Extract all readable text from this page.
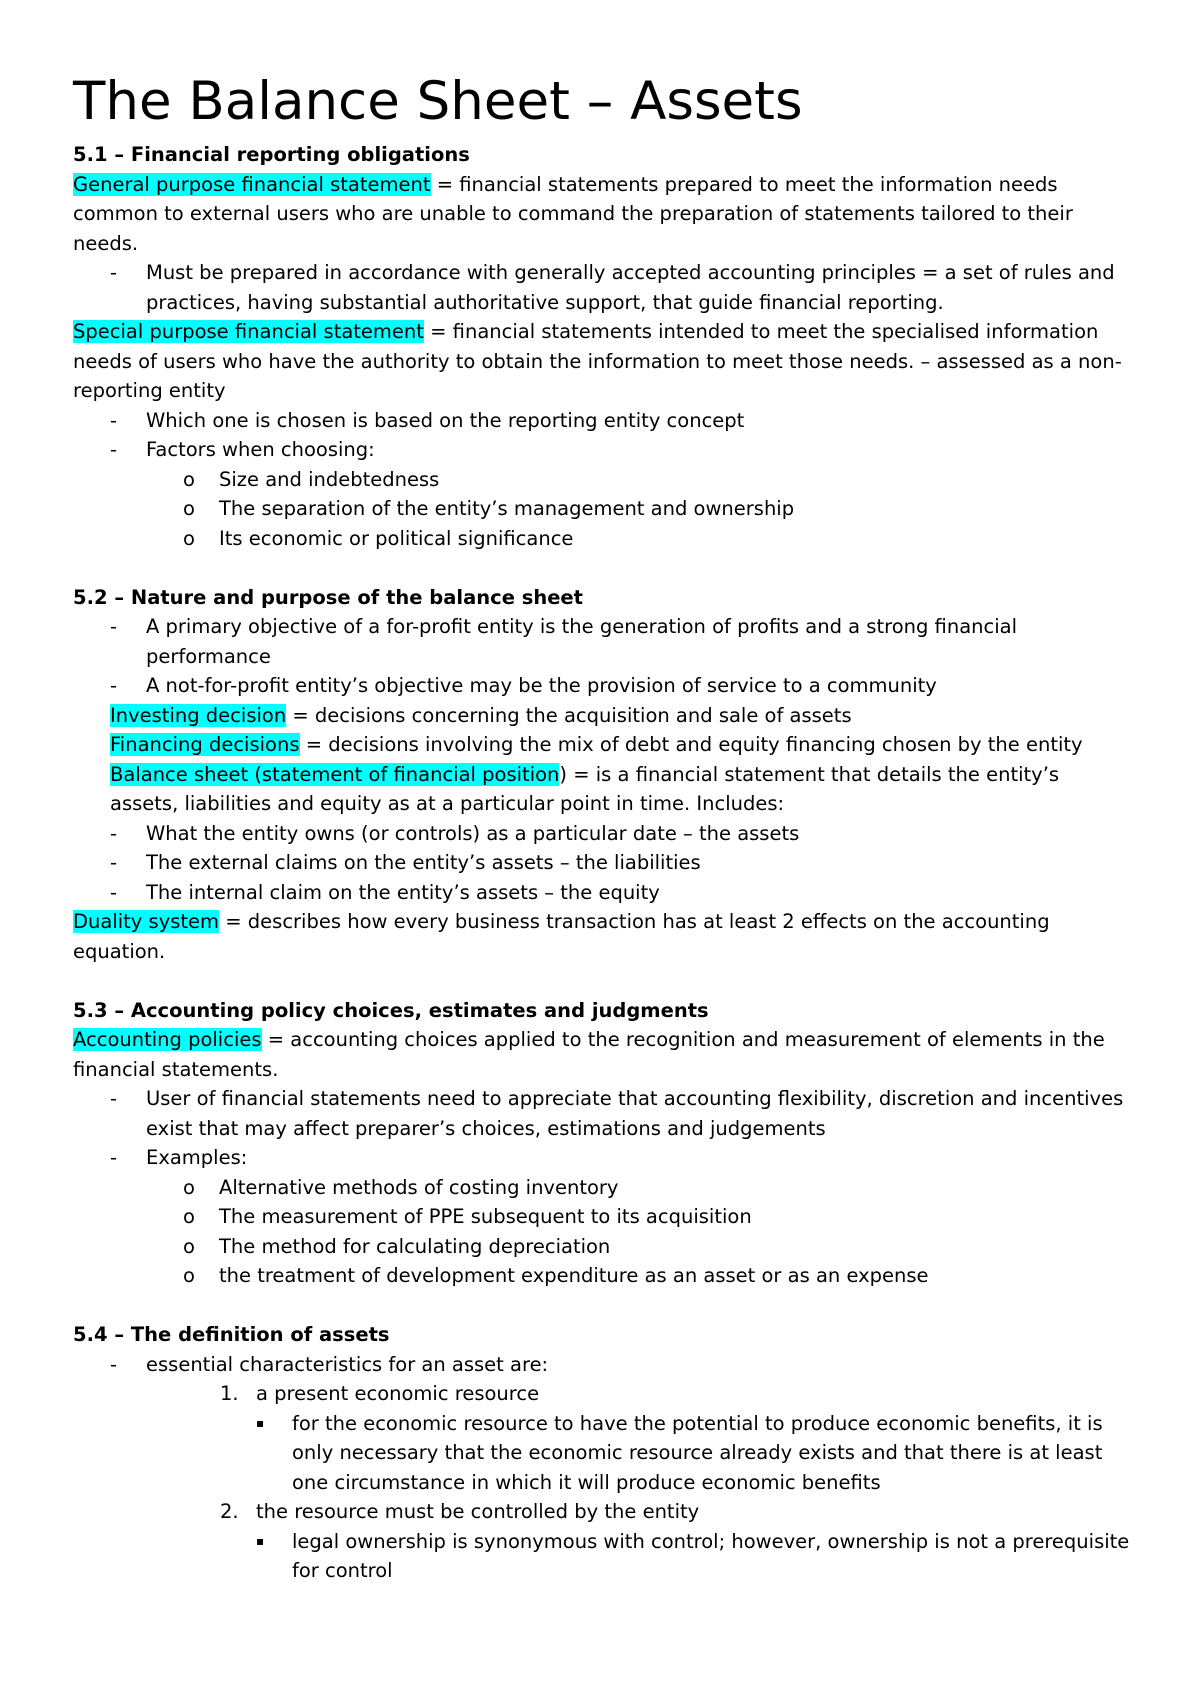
The Balance Sheet – Assets

5.1 – Financial reporting obligations

General purpose financial statement = financial statements prepared to meet the information needs common to external users who are unable to command the preparation of statements tailored to their needs.

- Must be prepared in accordance with generally accepted accounting principles = a set of rules and practices, having substantial authoritative support, that guide financial reporting.

Special purpose financial statement = financial statements intended to meet the specialised information needs of users who have the authority to obtain the information to meet those needs. – assessed as a non-reporting entity

- Which one is chosen is based on the reporting entity concept
- Factors when choosing:
o Size and indebtedness
o The separation of the entity’s management and ownership
o Its economic or political significance

5.2 – Nature and purpose of the balance sheet

- A primary objective of a for-profit entity is the generation of profits and a strong financial performance
- A not-for-profit entity’s objective may be the provision of service to a community

Investing decision = decisions concerning the acquisition and sale of assets

Financing decisions = decisions involving the mix of debt and equity financing chosen by the entity

Balance sheet (statement of financial position) = is a financial statement that details the entity’s assets, liabilities and equity as at a particular point in time. Includes:

- What the entity owns (or controls) as a particular date – the assets
- The external claims on the entity’s assets – the liabilities
- The internal claim on the entity’s assets – the equity

Duality system = describes how every business transaction has at least 2 effects on the accounting equation.

5.3 – Accounting policy choices, estimates and judgments

Accounting policies = accounting choices applied to the recognition and measurement of elements in the financial statements.

- User of financial statements need to appreciate that accounting flexibility, discretion and incentives exist that may affect preparer’s choices, estimations and judgements
- Examples:
o Alternative methods of costing inventory
o The measurement of PPE subsequent to its acquisition
o The method for calculating depreciation
o the treatment of development expenditure as an asset or as an expense

5.4 – The definition of assets

- essential characteristics for an asset are:
1. a present economic resource
▪ for the economic resource to have the potential to produce economic benefits, it is only necessary that the economic resource already exists and that there is at least one circumstance in which it will produce economic benefits
2. the resource must be controlled by the entity
▪ legal ownership is synonymous with control; however, ownership is not a prerequisite for control
